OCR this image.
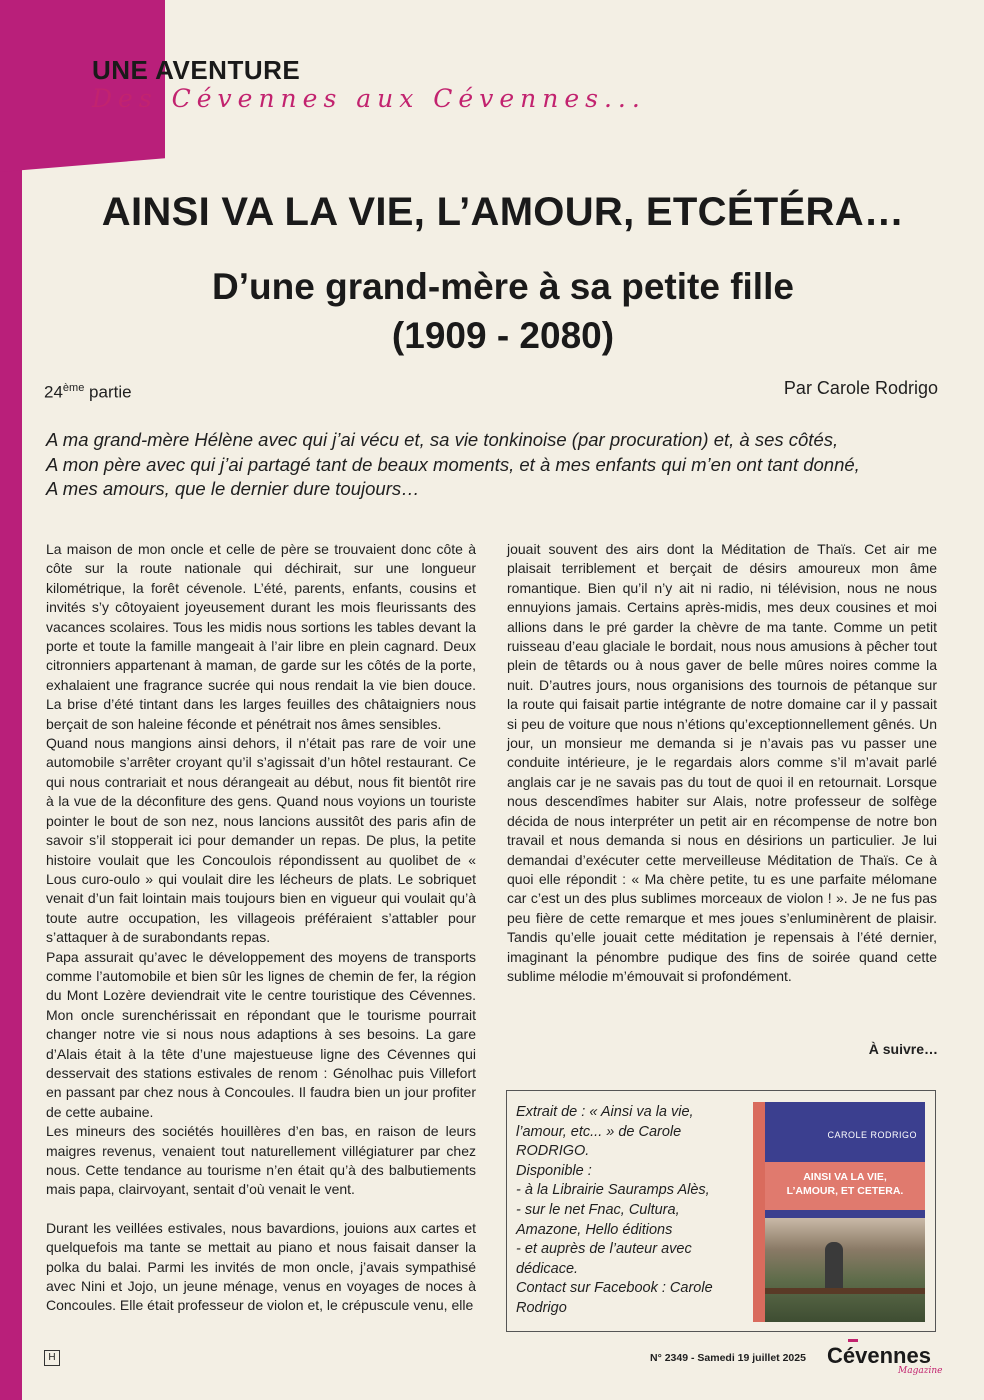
UNE AVENTURE
Des Cévennes aux Cévennes...
AINSI VA LA VIE, L’AMOUR, ETCÉTÉRA…
D’une grand-mère à sa petite fille
(1909 - 2080)
24ème partie	Par Carole Rodrigo
A ma grand-mère Hélène avec qui j’ai vécu et, sa vie tonkinoise (par procuration) et, à ses côtés,
A mon père avec qui j’ai partagé tant de beaux moments, et à mes enfants qui m’en ont tant donné,
A mes amours, que le dernier dure toujours…

La maison de mon oncle et celle de père se trouvaient donc côte à côte sur la route nationale qui déchirait, sur une longueur kilométrique, la forêt cévenole. L’été, parents, enfants, cousins et invités s’y côtoyaient joyeusement durant les mois fleurissants des vacances scolaires. Tous les midis nous sortions les tables devant la porte et toute la famille mangeait à l’air libre en plein cagnard. Deux citronniers appartenant à maman, de garde sur les côtés de la porte, exhalaient une fragrance sucrée qui nous rendait la vie bien douce. La brise d’été tintant dans les larges feuilles des châtaigniers nous berçait de son haleine féconde et pénétrait nos âmes sensibles.

Quand nous mangions ainsi dehors, il n’était pas rare de voir une automobile s’arrêter croyant qu’il s’agissait d’un hôtel restaurant. Ce qui nous contrariait et nous dérangeait au début, nous fit bientôt rire à la vue de la déconfiture des gens. Quand nous voyions un touriste pointer le bout de son nez, nous lancions aussitôt des paris afin de savoir s’il stopperait ici pour demander un repas. De plus, la petite histoire voulait que les Concoulois répondissent au quolibet de « Lous curo-oulo » qui voulait dire les lécheurs de plats. Le sobriquet venait d’un fait lointain mais toujours bien en vigueur qui voulait qu’à toute autre occupation, les villageois préféraient s’attabler pour s’attaquer à de surabondants repas.

Papa assurait qu’avec le développement des moyens de transports comme l’automobile et bien sûr les lignes de chemin de fer, la région du Mont Lozère deviendrait vite le centre touristique des Cévennes. Mon oncle surenchérissait en répondant que le tourisme pourrait changer notre vie si nous nous adaptions à ses besoins. La gare d’Alais était à la tête d’une majestueuse ligne des Cévennes qui desservait des stations estivales de renom : Génolhac puis Villefort en passant par chez nous à Concoules. Il faudra bien un jour profiter de cette aubaine.

Les mineurs des sociétés houillères d’en bas, en raison de leurs maigres revenus, venaient tout naturellement villégiaturer par chez nous. Cette tendance au tourisme n’en était qu’à des balbutiements mais papa, clairvoyant, sentait d’où venait le vent.

Durant les veillées estivales, nous bavardions, jouions aux cartes et quelquefois ma tante se mettait au piano et nous faisait danser la polka du balai. Parmi les invités de mon oncle, j’avais sympathisé avec Nini et Jojo, un jeune ménage, venus en voyages de noces à Concoules. Elle était professeur de violon et, le crépuscule venu, elle

jouait souvent des airs dont la Méditation de Thaïs. Cet air me plaisait terriblement et berçait de désirs amoureux mon âme romantique. Bien qu’il n’y ait ni radio, ni télévision, nous ne nous ennuyions jamais. Certains après-midis, mes deux cousines et moi allions dans le pré garder la chèvre de ma tante. Comme un petit ruisseau d’eau glaciale le bordait, nous nous amusions à pêcher tout plein de têtards ou à nous gaver de belle mûres noires comme la nuit. D’autres jours, nous organisions des tournois de pétanque sur la route qui faisait partie intégrante de notre domaine car il y passait si peu de voiture que nous n’étions qu’exceptionnellement gênés. Un jour, un monsieur me demanda si je n’avais pas vu passer une conduite intérieure, je le regardais alors comme s’il m’avait parlé anglais car je ne savais pas du tout de quoi il en retournait. Lorsque nous descendîmes habiter sur Alais, notre professeur de solfège décida de nous interpréter un petit air en récompense de notre bon travail et nous demanda si nous en désirions un particulier. Je lui demandai d’exécuter cette merveilleuse Méditation de Thaïs. Ce à quoi elle répondit : « Ma chère petite, tu es une parfaite mélomane car c’est un des plus sublimes morceaux de violon ! ». Je ne fus pas peu fière de cette remarque et mes joues s’enluminèrent de plaisir. Tandis qu’elle jouait cette méditation je repensais à l’été dernier, imaginant la pénombre pudique des fins de soirée quand cette sublime mélodie m’émouvait si profondément.

À suivre…
Extrait de : « Ainsi va la vie, l’amour, etc... » de Carole RODRIGO.
Disponible :
- à la Librairie Sauramps Alès,
- sur le net Fnac, Cultura, Amazone, Hello éditions
- et auprès de l’auteur avec dédicace.
Contact sur Facebook : Carole Rodrigo
CAROLE RODRIGO
AINSI VA LA VIE,
L’AMOUR, ET CETERA.
H	N° 2349 - Samedi 19 juillet 2025 Cévennes
Magazine
